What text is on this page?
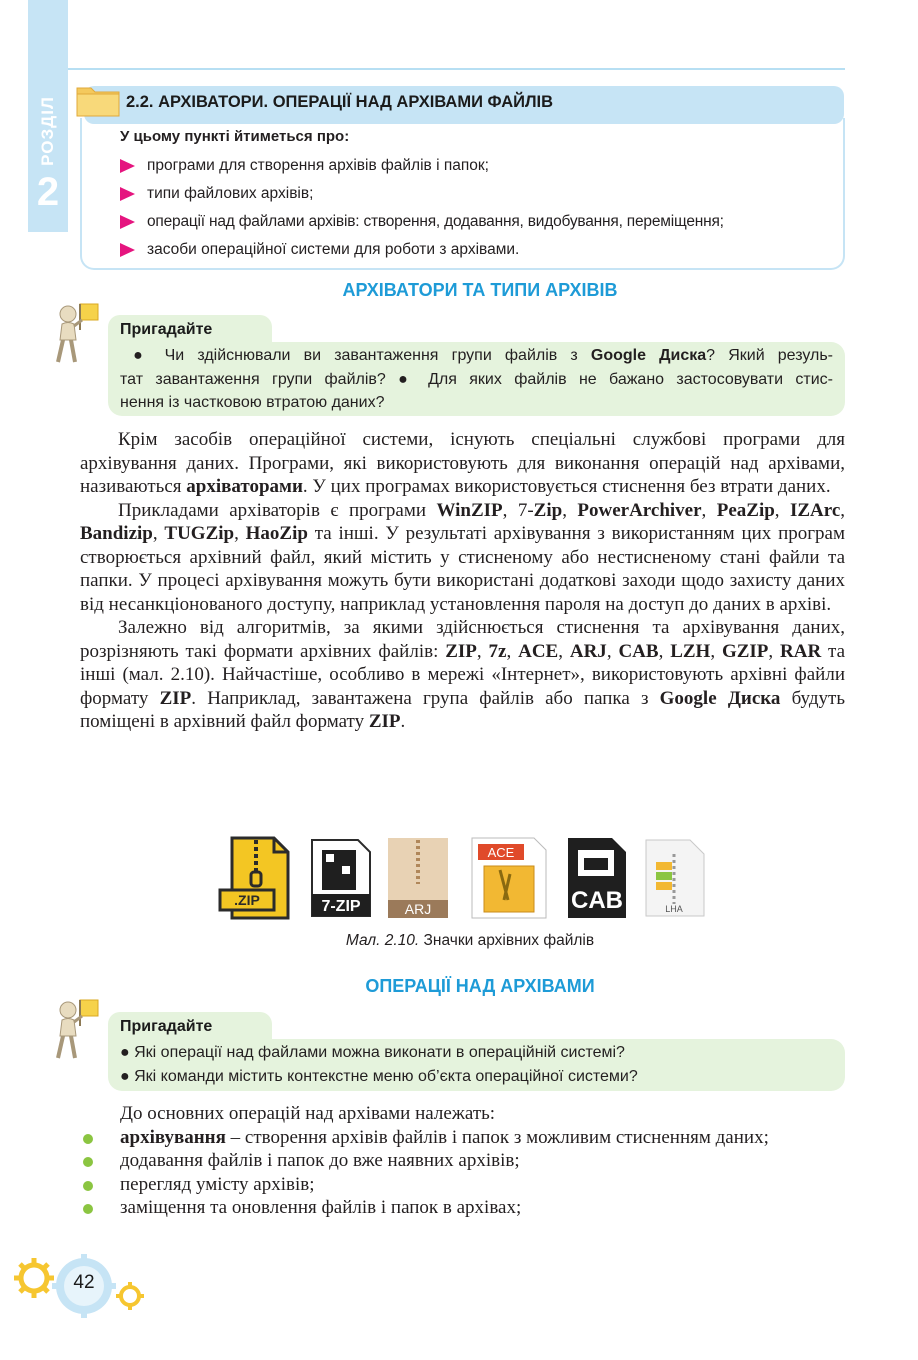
РОЗДІЛ
2
2.2. АРХІВАТОРИ. ОПЕРАЦІЇ НАД АРХІВАМИ ФАЙЛІВ
У цьому пункті йтиметься про:
програми для створення архівів файлів і папок;
типи файлових архівів;
операції над файлами архівів: створення, додавання, видобування, переміщення;
засоби операційної системи для роботи з архівами.
АРХІВАТОРИ ТА ТИПИ АРХІВІВ
Пригадайте
● Чи здійснювали ви завантаження групи файлів з Google Диска? Який резуль-
тат завантаження групи файлів? ● Для яких файлів не бажано застосовувати стис-
нення із частковою втратою даних?

Крім засобів операційної системи, існують спеціальні службові програми для архівування даних. Програми, які використовують для виконання операцій над архівами, називаються архіваторами. У цих програмах використовується стиснення без втрати даних.

Прикладами архіваторів є програми WinZIP, 7-Zip, PowerArchiver, PeaZip, IZArc, Bandizip, TUGZip, HaoZip та інші. У результаті архівування з використанням цих програм створюється архівний файл, який містить у стисненому або нестисненому стані файли та папки. У процесі архівування можуть бути використані додаткові заходи щодо захисту даних від несанкціонованого доступу, наприклад установлення пароля на доступ до даних в архіві.

Залежно від алгоритмів, за якими здійснюється стиснення та архівування даних, розрізняють такі формати архівних файлів: ZIP, 7z, ACE, ARJ, CAB, LZH, GZIP, RAR та інші (мал. 2.10). Найчастіше, особливо в мережі «Інтернет», використовують архівні файли формату ZIP. Наприклад, завантажена група файлів або папка з Google Диска будуть поміщені в архівний файл формату ZIP.

.ZIP	7-ZIP	ARJ
ACE
CAB	LHA
Мал. 2.10. Значки архівних файлів
ОПЕРАЦІЇ НАД АРХІВАМИ
Пригадайте
● Які операції над файлами можна виконати в операційній системі?
● Які команди містить контекстне меню об’єкта операційної системи?
До основних операцій над архівами належать:
архівування – створення архівів файлів і папок з можливим стисненням даних;
додавання файлів і папок до вже наявних архівів;
перегляд умісту архівів;
заміщення та оновлення файлів і папок в архівах;
42
